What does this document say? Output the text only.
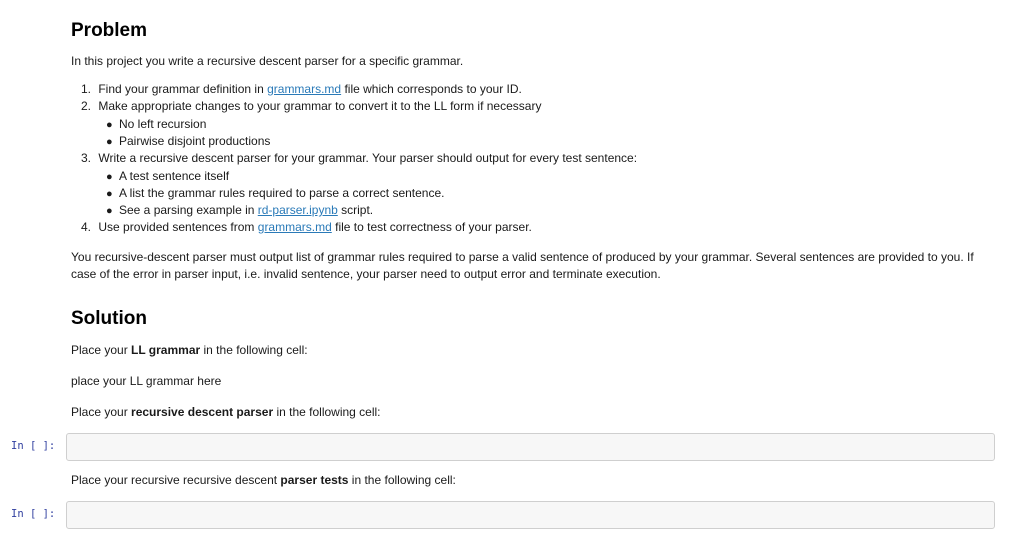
Problem

In this project you write a recursive descent parser for a specific grammar.

1. Find your grammar definition in grammars.md file which corresponds to your ID.
2. Make appropriate changes to your grammar to convert it to the LL form if necessary
● No left recursion
● Pairwise disjoint productions
3. Write a recursive descent parser for your grammar. Your parser should output for every test sentence:
● A test sentence itself
● A list the grammar rules required to parse a correct sentence.
● See a parsing example in rd-parser.ipynb script.
4. Use provided sentences from grammars.md file to test correctness of your parser.

You recursive-descent parser must output list of grammar rules required to parse a valid sentence of produced by your grammar. Several sentences are provided to you. If

case of the error in parser input, i.e. invalid sentence, your parser need to output error and terminate execution.

Solution

Place your LL grammar in the following cell:

place your LL grammar here

Place your recursive descent parser in the following cell:

In [ ]:

Place your recursive recursive descent parser tests in the following cell:

In [ ]:
